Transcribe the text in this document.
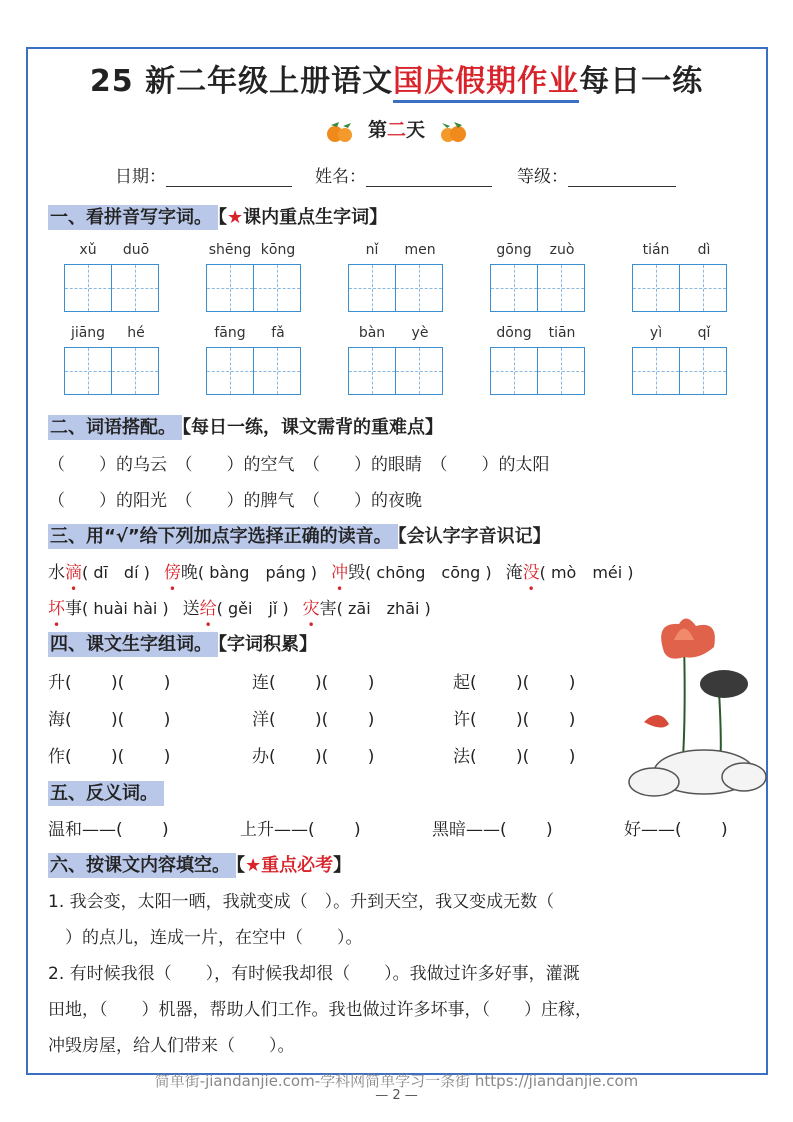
25 新二年级上册语文国庆假期作业每日一练
第二天
日期：	姓名：	等级：
一、看拼音写字词。 【★课内重点生字词】
xǔ	duō	shēng kōng	nǐ	men	gōng	zuò	tián	dì
jiāng	hé	fāng	fǎ	bàn	yè	dōng	tiān	yì	qǐ
二、词语搭配。 【每日一练，课文需背的重难点】
（　　）的乌云　（　　）的空气　（　　）的眼睛　（　　）的太阳
（　　）的阳光　（　　）的脾气　（　　）的夜晚
三、用“√”给下列加点字选择正确的读音。 【会认字字音识记】
水滴( dī　dí ) 傍晚( bàng　páng ) 冲毁( chōng　cōng ) 淹没( mò　méi )
坏事( huài hài ) 送给( gěi　jǐ ) 灾害( zāi　zhāi )
四、课文生字组词。 【字词积累】
升(　　 )(　　 )	连(　　 )(　　 )	起(　　 )(　　 )
海(　　 )(　　 )	洋(　　 )(　　 )	许(　　 )(　　 )
作(　　 )(　　 )	办(　　 )(　　 )	法(　　 )(　　 )
五、反义词。
温和——(　　 )	上升——(　　 )	黑暗——(　　 )	好——(　　 )
六、按课文内容填空。 【★重点必考】
1. 我会变，太阳一晒，我就变成（　）。升到天空，我又变成无数（
　）的点儿，连成一片，在空中（　　）。
2. 有时候我很（　　），有时候我却很（　　）。我做过许多好事，灌溉
田地，（　　）机器，帮助人们工作。我也做过许多坏事，（　　）庄稼，
冲毁房屋，给人们带来（　　）。
简单街-jiandanjie.com-学科网简单学习一条街 https://jiandanjie.com
— 2 —
